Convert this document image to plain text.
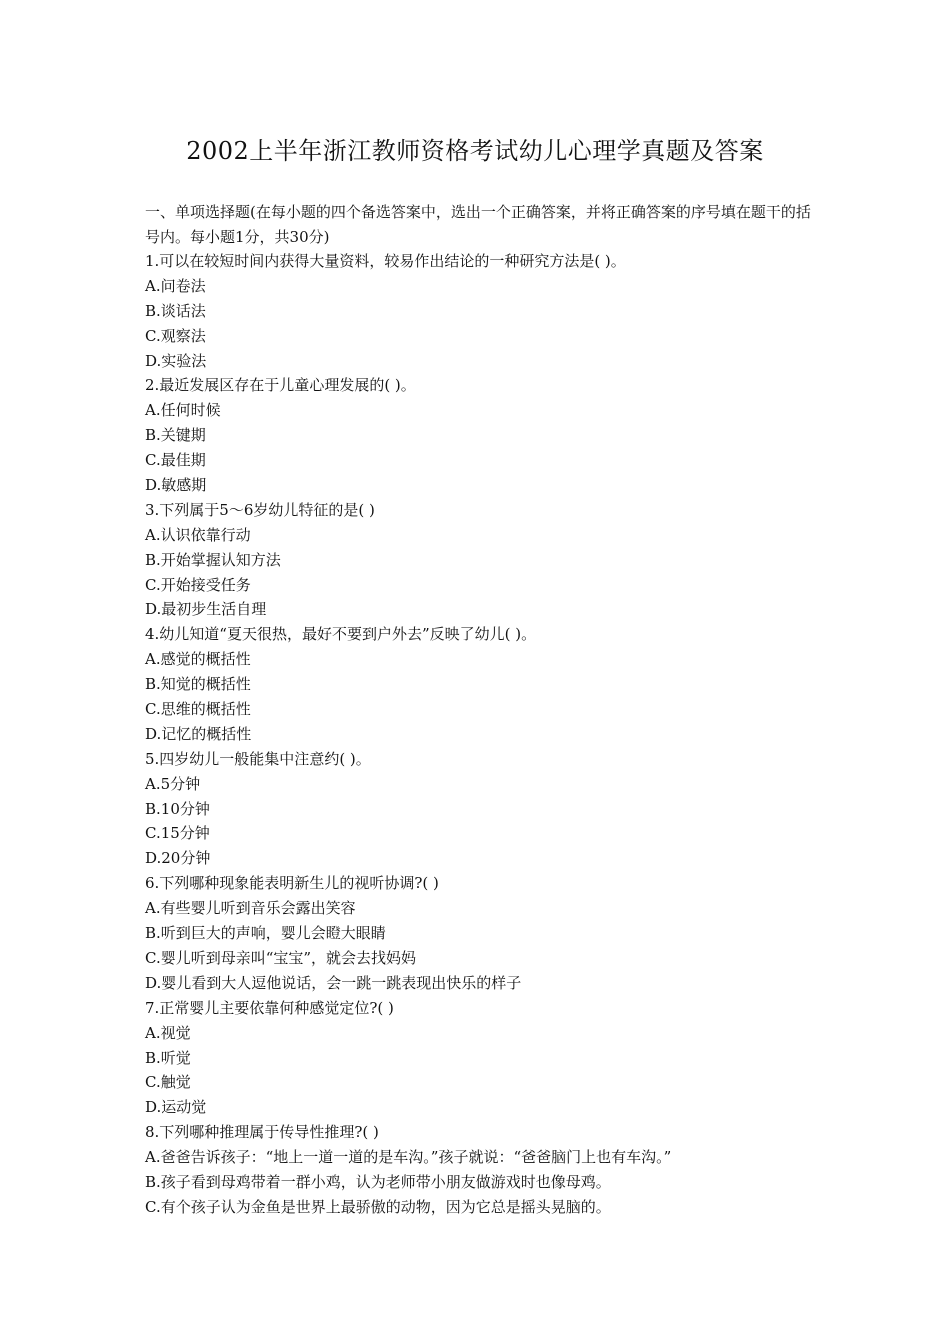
2002上半年浙江教师资格考试幼儿心理学真题及答案

一、单项选择题(在每小题的四个备选答案中，选出一个正确答案，并将正确答案的序号填在题干的括号内。每小题1分，共30分)

1.可以在较短时间内获得大量资料，较易作出结论的一种研究方法是( )。
A.问卷法
B.谈话法
C.观察法
D.实验法
2.最近发展区存在于儿童心理发展的( )。
A.任何时候
B.关键期
C.最佳期
D.敏感期
3.下列属于5～6岁幼儿特征的是( )
A.认识依靠行动
B.开始掌握认知方法
C.开始接受任务
D.最初步生活自理
4.幼儿知道“夏天很热，最好不要到户外去”反映了幼儿( )。
A.感觉的概括性
B.知觉的概括性
C.思维的概括性
D.记忆的概括性
5.四岁幼儿一般能集中注意约( )。
A.5分钟
B.10分钟
C.15分钟
D.20分钟
6.下列哪种现象能表明新生儿的视听协调?( )
A.有些婴儿听到音乐会露出笑容
B.听到巨大的声响，婴儿会瞪大眼睛
C.婴儿听到母亲叫“宝宝”，就会去找妈妈
D.婴儿看到大人逗他说话，会一跳一跳表现出快乐的样子
7.正常婴儿主要依靠何种感觉定位?( )
A.视觉
B.听觉
C.触觉
D.运动觉
8.下列哪种推理属于传导性推理?( )
A.爸爸告诉孩子：“地上一道一道的是车沟。”孩子就说：“爸爸脑门上也有车沟。”
B.孩子看到母鸡带着一群小鸡，认为老师带小朋友做游戏时也像母鸡。
C.有个孩子认为金鱼是世界上最骄傲的动物，因为它总是摇头晃脑的。
